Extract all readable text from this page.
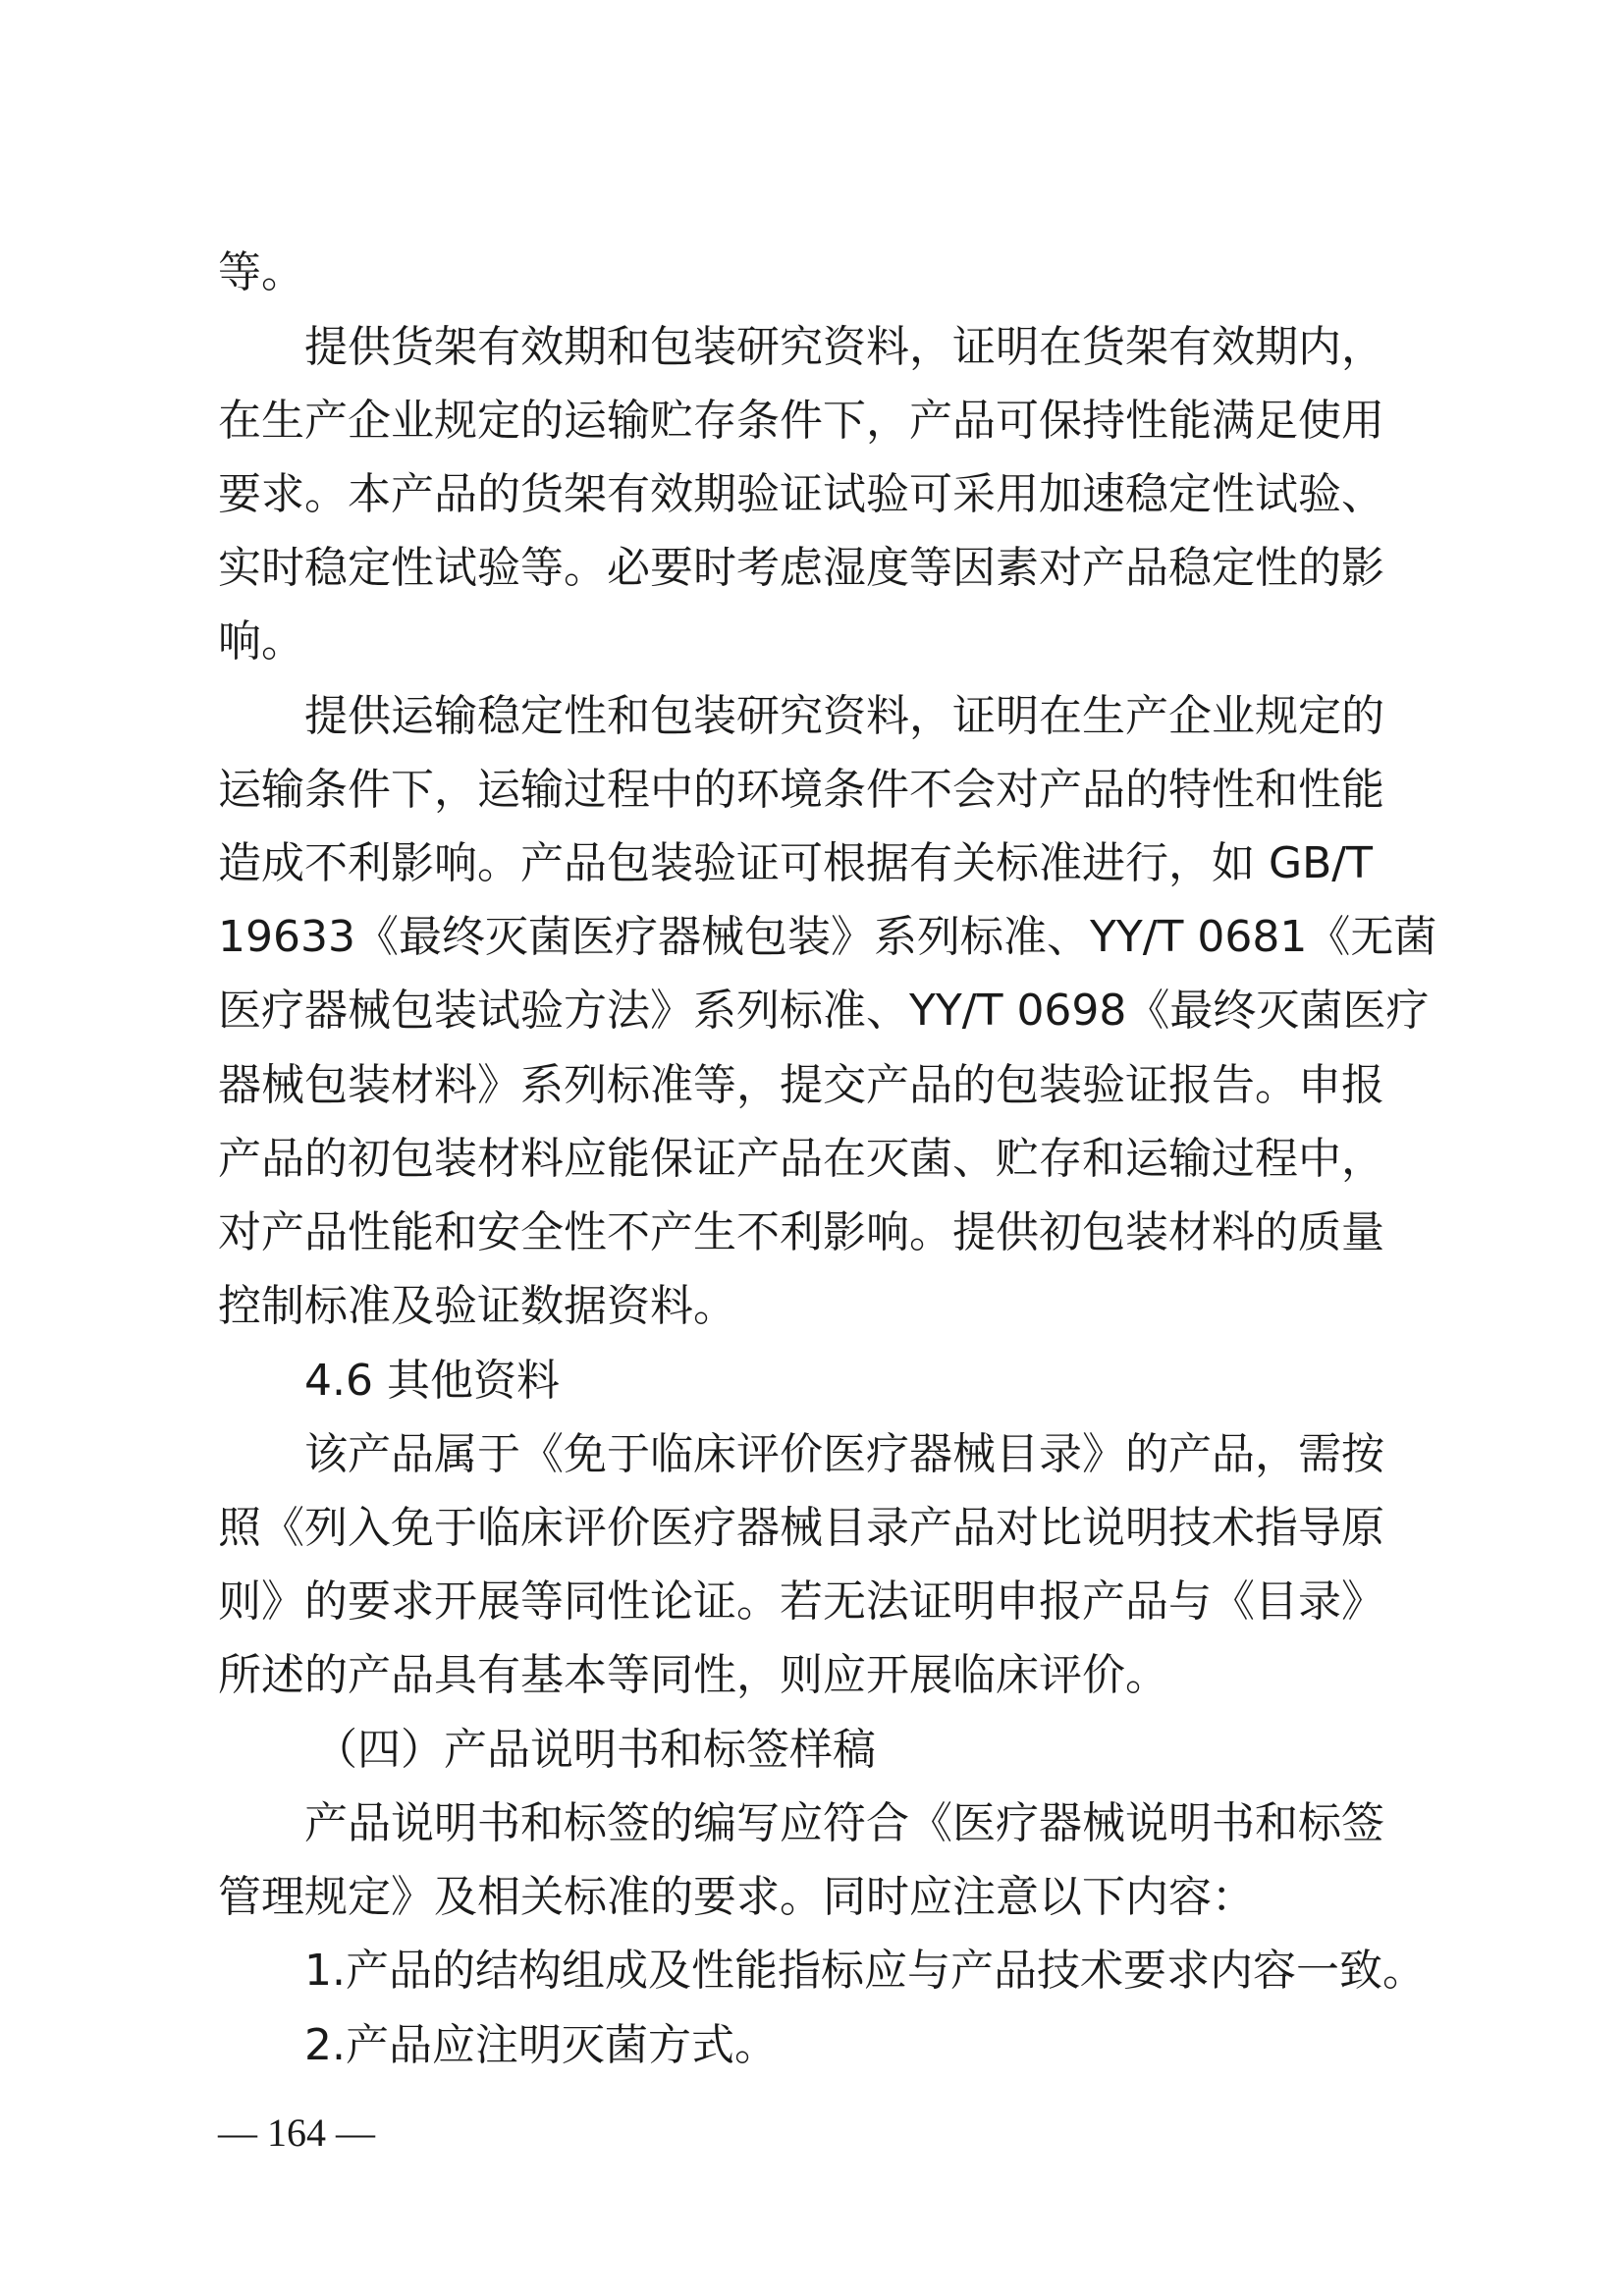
等。

提供货架有效期和包装研究资料，证明在货架有效期内，

在生产企业规定的运输贮存条件下，产品可保持性能满足使用

要求。本产品的货架有效期验证试验可采用加速稳定性试验、

实时稳定性试验等。必要时考虑湿度等因素对产品稳定性的影

响。

提供运输稳定性和包装研究资料，证明在生产企业规定的

运输条件下，运输过程中的环境条件不会对产品的特性和性能

造成不利影响。产品包装验证可根据有关标准进行，如 GB/T

19633《最终灭菌医疗器械包装》系列标准、YY/T 0681《无菌

医疗器械包装试验方法》系列标准、YY/T 0698《最终灭菌医疗

器械包装材料》系列标准等，提交产品的包装验证报告。申报

产品的初包装材料应能保证产品在灭菌、贮存和运输过程中，

对产品性能和安全性不产生不利影响。提供初包装材料的质量

控制标准及验证数据资料。

4.6 其他资料

该产品属于《免于临床评价医疗器械目录》的产品，需按

照《列入免于临床评价医疗器械目录产品对比说明技术指导原

则》的要求开展等同性论证。若无法证明申报产品与《目录》

所述的产品具有基本等同性，则应开展临床评价。

（四）产品说明书和标签样稿

产品说明书和标签的编写应符合《医疗器械说明书和标签

管理规定》及相关标准的要求。同时应注意以下内容：

1.产品的结构组成及性能指标应与产品技术要求内容一致。

2.产品应注明灭菌方式。

— 164 —
